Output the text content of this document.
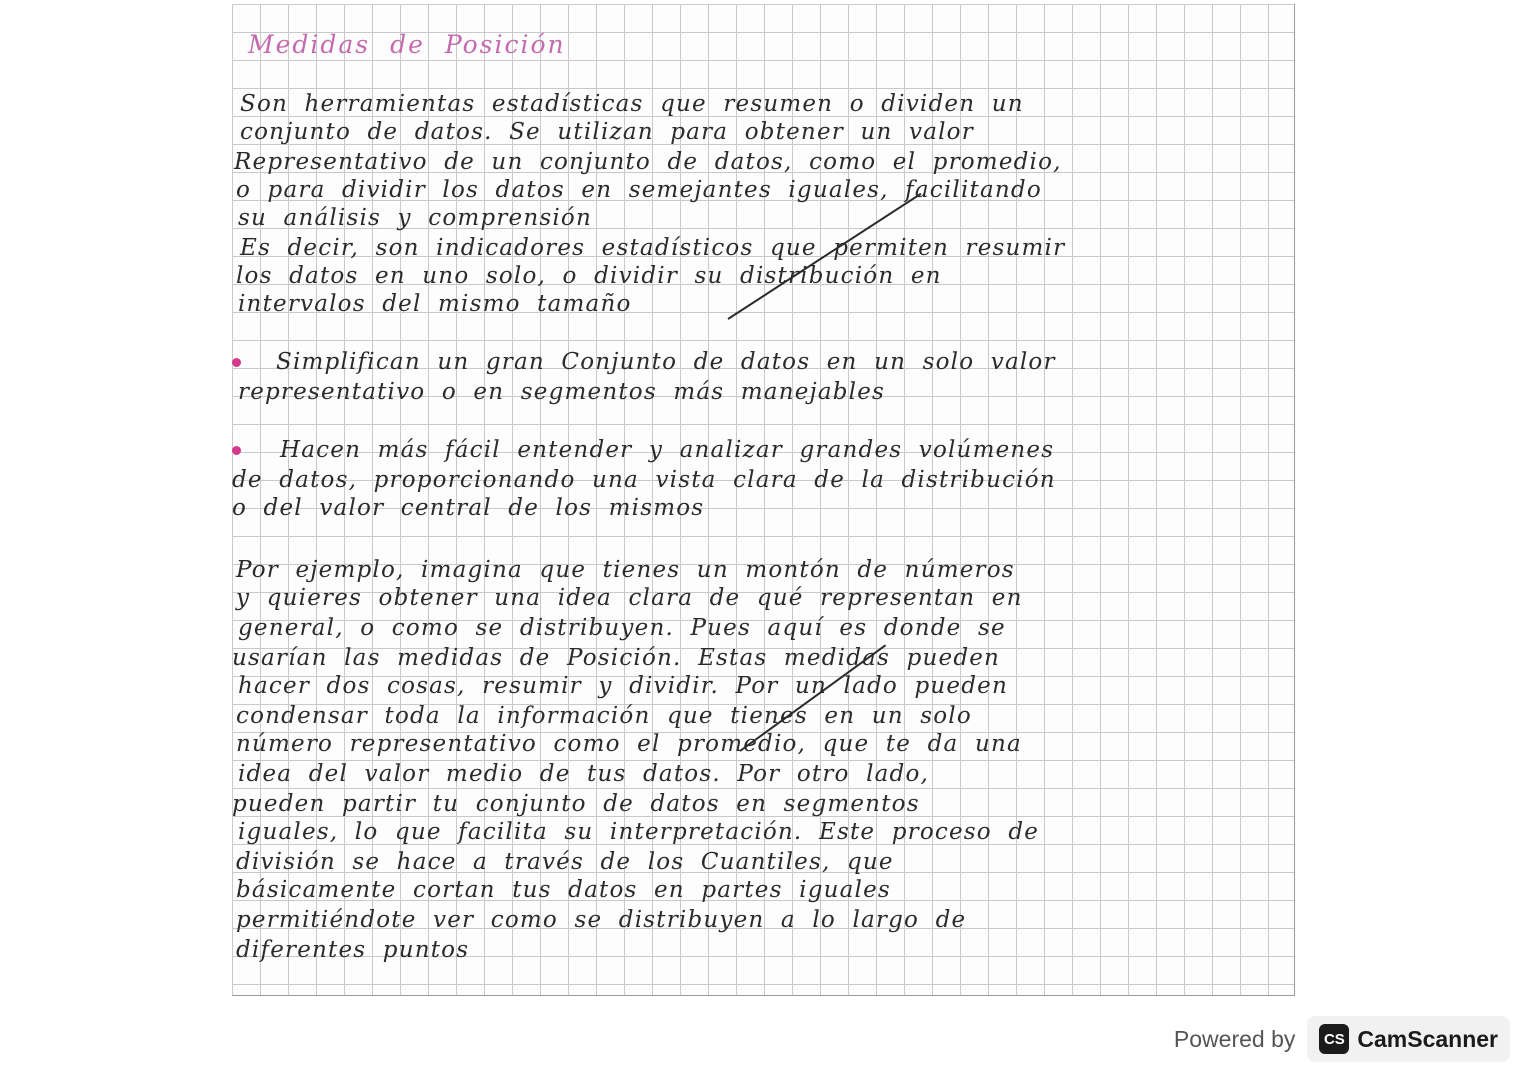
Medidas de Posición
Son herramientas estadísticas que resumen o dividen un
conjunto de datos. Se utilizan para obtener un valor
Representativo de un conjunto de datos, como el promedio,
o para dividir los datos en semejantes iguales, facilitando
su análisis y comprensión
Es decir, son indicadores estadísticos que permiten resumir
los datos en uno solo, o dividir su distribución en
intervalos del mismo tamaño
Simplifican un gran Conjunto de datos en un solo valor
representativo o en segmentos más manejables
Hacen más fácil entender y analizar grandes volúmenes
de datos, proporcionando una vista clara de la distribución
o del valor central de los mismos
Por ejemplo, imagina que tienes un montón de números
y quieres obtener una idea clara de qué representan en
general, o como se distribuyen. Pues aquí es donde se
usarían las medidas de Posición. Estas medidas pueden
hacer dos cosas, resumir y dividir. Por un lado pueden
condensar toda la información que tienes en un solo
número representativo como el promedio, que te da una
idea del valor medio de tus datos. Por otro lado,
pueden partir tu conjunto de datos en segmentos
iguales, lo que facilita su interpretación. Este proceso de
división se hace a través de los Cuantiles, que
básicamente cortan tus datos en partes iguales
permitiéndote ver como se distribuyen a lo largo de
diferentes puntos
Powered by	CS CamScanner
